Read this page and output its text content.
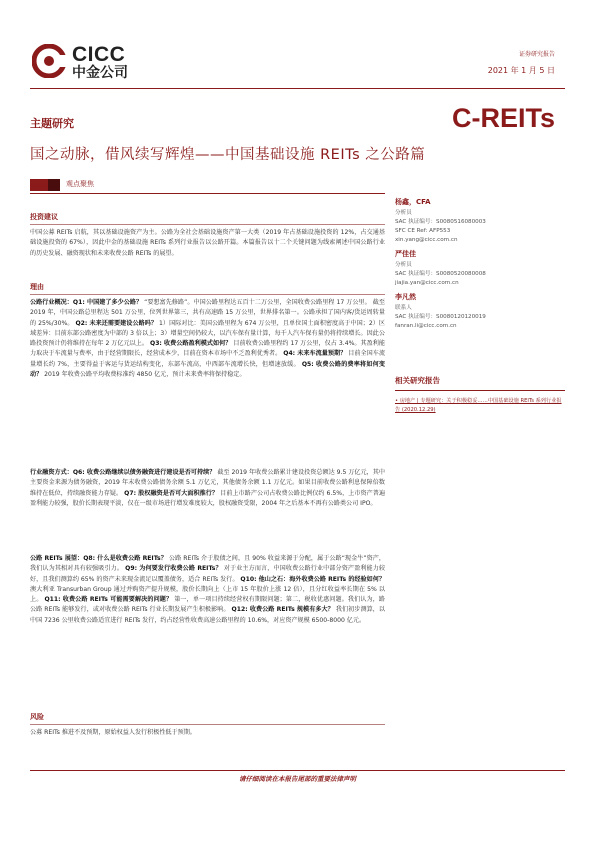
CICC
中金公司
证券研究报告
2021 年 1 月 5 日
主题研究	C-REITs
国之动脉，借风续写辉煌——中国基础设施 REITs 之公路篇
观点聚焦
投资建议
中国公募 REITs 启航，其以基础设施资产为主。公路为全社会基础设施资产第一大类（2019 年占基础设施投资的 12%，占交通基础设施投资的 67%），因此中金的基础设施 REITs 系列行业报告以公路开篇。本篇报告以十二个关键问题为线索阐述中国公路行业的历史发展、融资现状和未来收费公路 REITs 的展望。
理由
公路行业概况：Q1: 中国建了多少公路？ “要想富先修路”。中国公路里程达五百十二万公里，全国收费公路里程 17 万公里。 截至 2019 年，中国公路总里程达 501 万公里，位列世界第三，共有高速路 15 万公里，世界排名第一。公路承担了国内客/货运周转量的 25%/30%。 Q2: 未来还需要建设公路吗？ 1）国际对比：美国公路里程为 674 万公里，且单位国土面积密度高于中国；2）区域差异：目前东部公路密度为中部的 3 倍以上；3）增量空间仍较大，以汽车保有量计算，每千人汽车保有量仍将持续增长。因此公路投资预计仍将维持在每年 2 万亿元以上。 Q3: 收费公路盈利模式如何？ 目前收费公路里程约 17 万公里，仅占 3.4%。其盈利能力取决于车流量与费率，由于经营期限长，经营成本少，目前在资本市场中不乏盈利优秀者。 Q4: 未来车流量预期？ 目前全国车流量增长约 7%，主要得益于客运与货运结构变化，东部车流高，中西部车流增长快，但增速放缓。 Q5: 收费公路的费率将如何变动？ 2019 年收费公路平均收费标准约 4850 亿元，预计未来费率将保持稳定。
行业融资方式：Q6: 收费公路继续以债务融资进行建设是否可持续？ 截至 2019 年收费公路累计建设投资总额达 9.5 万亿元，其中主要资金来源为债务融资，2019 年末收费公路债务余额 5.1 万亿元，其他债务余额 1.1 万亿元。如果目前收费公路利息保障倍数维持在低位，持续融资能力存疑。 Q7: 股权融资是否可大面积推行？ 目前上市路产公司占收费公路比例仅约 6.5%，上市资产普遍盈利能力较强，股价长期表现平淡，仅在一级市场进行增发难度较大，股权融资受限，2004 年之后基本不再有公路类公司 IPO。
公路 REITs 展望：Q8: 什么是收费公路 REITs？ 公路 REITs 介于股债之间，且 90% 收益来源于分配，属于公路“现金牛”资产，我们认为其相对具有较强吸引力。 Q9: 为何要发行收费公路 REITs？ 对于业主方而言，中国收费公路行业中部分资产盈利能力较好，且我们测算约 65% 的资产未来现金流足以覆盖债务，适合 REITs 发行。 Q10: 他山之石：海外收费公路 REITs 的经验如何？ 澳大利亚 Transurban Group 通过并购资产提升规模，股价长期向上（上市 15 年股价上涨 12 倍），且分红收益率长期在 5% 以上。 Q11: 收费公路 REITs 可能需要解决的问题？ 第一，单一项目持续经营权有期限问题；第二，税收优惠问题。我们认为，路公路 REITs 能够发行，或对收费公路 REITs 行业长期发展产生积极影响。 Q12: 收费公路 REITs 规模有多大？ 我们初步测算，以中国 7236 公里收费公路适宜进行 REITs 发行，约占经营性收费高速公路里程的 10.6%，对应资产规模 6500-8000 亿元。
风险
公募 REITs 推进不及预期，原始权益人发行积极性低于预期。
杨鑫，CFA
分析员
SAC 执证编号：S0080516080003
SFC CE Ref: AFP553
xin.yang@cicc.com.cn
严佳佳
分析员
SAC 执证编号：S0080520080008
jiajia.yan@cicc.com.cn
李凡然
联系人
SAC 执证编号：S0080120120019
fanran.li@cicc.com.cn
相关研究报告
• 房地产 | 专题研究：关于积极稳妥……中国基础设施 REITs 系列行业报告 (2020.12.29)
请仔细阅读在本报告尾部的重要法律声明
